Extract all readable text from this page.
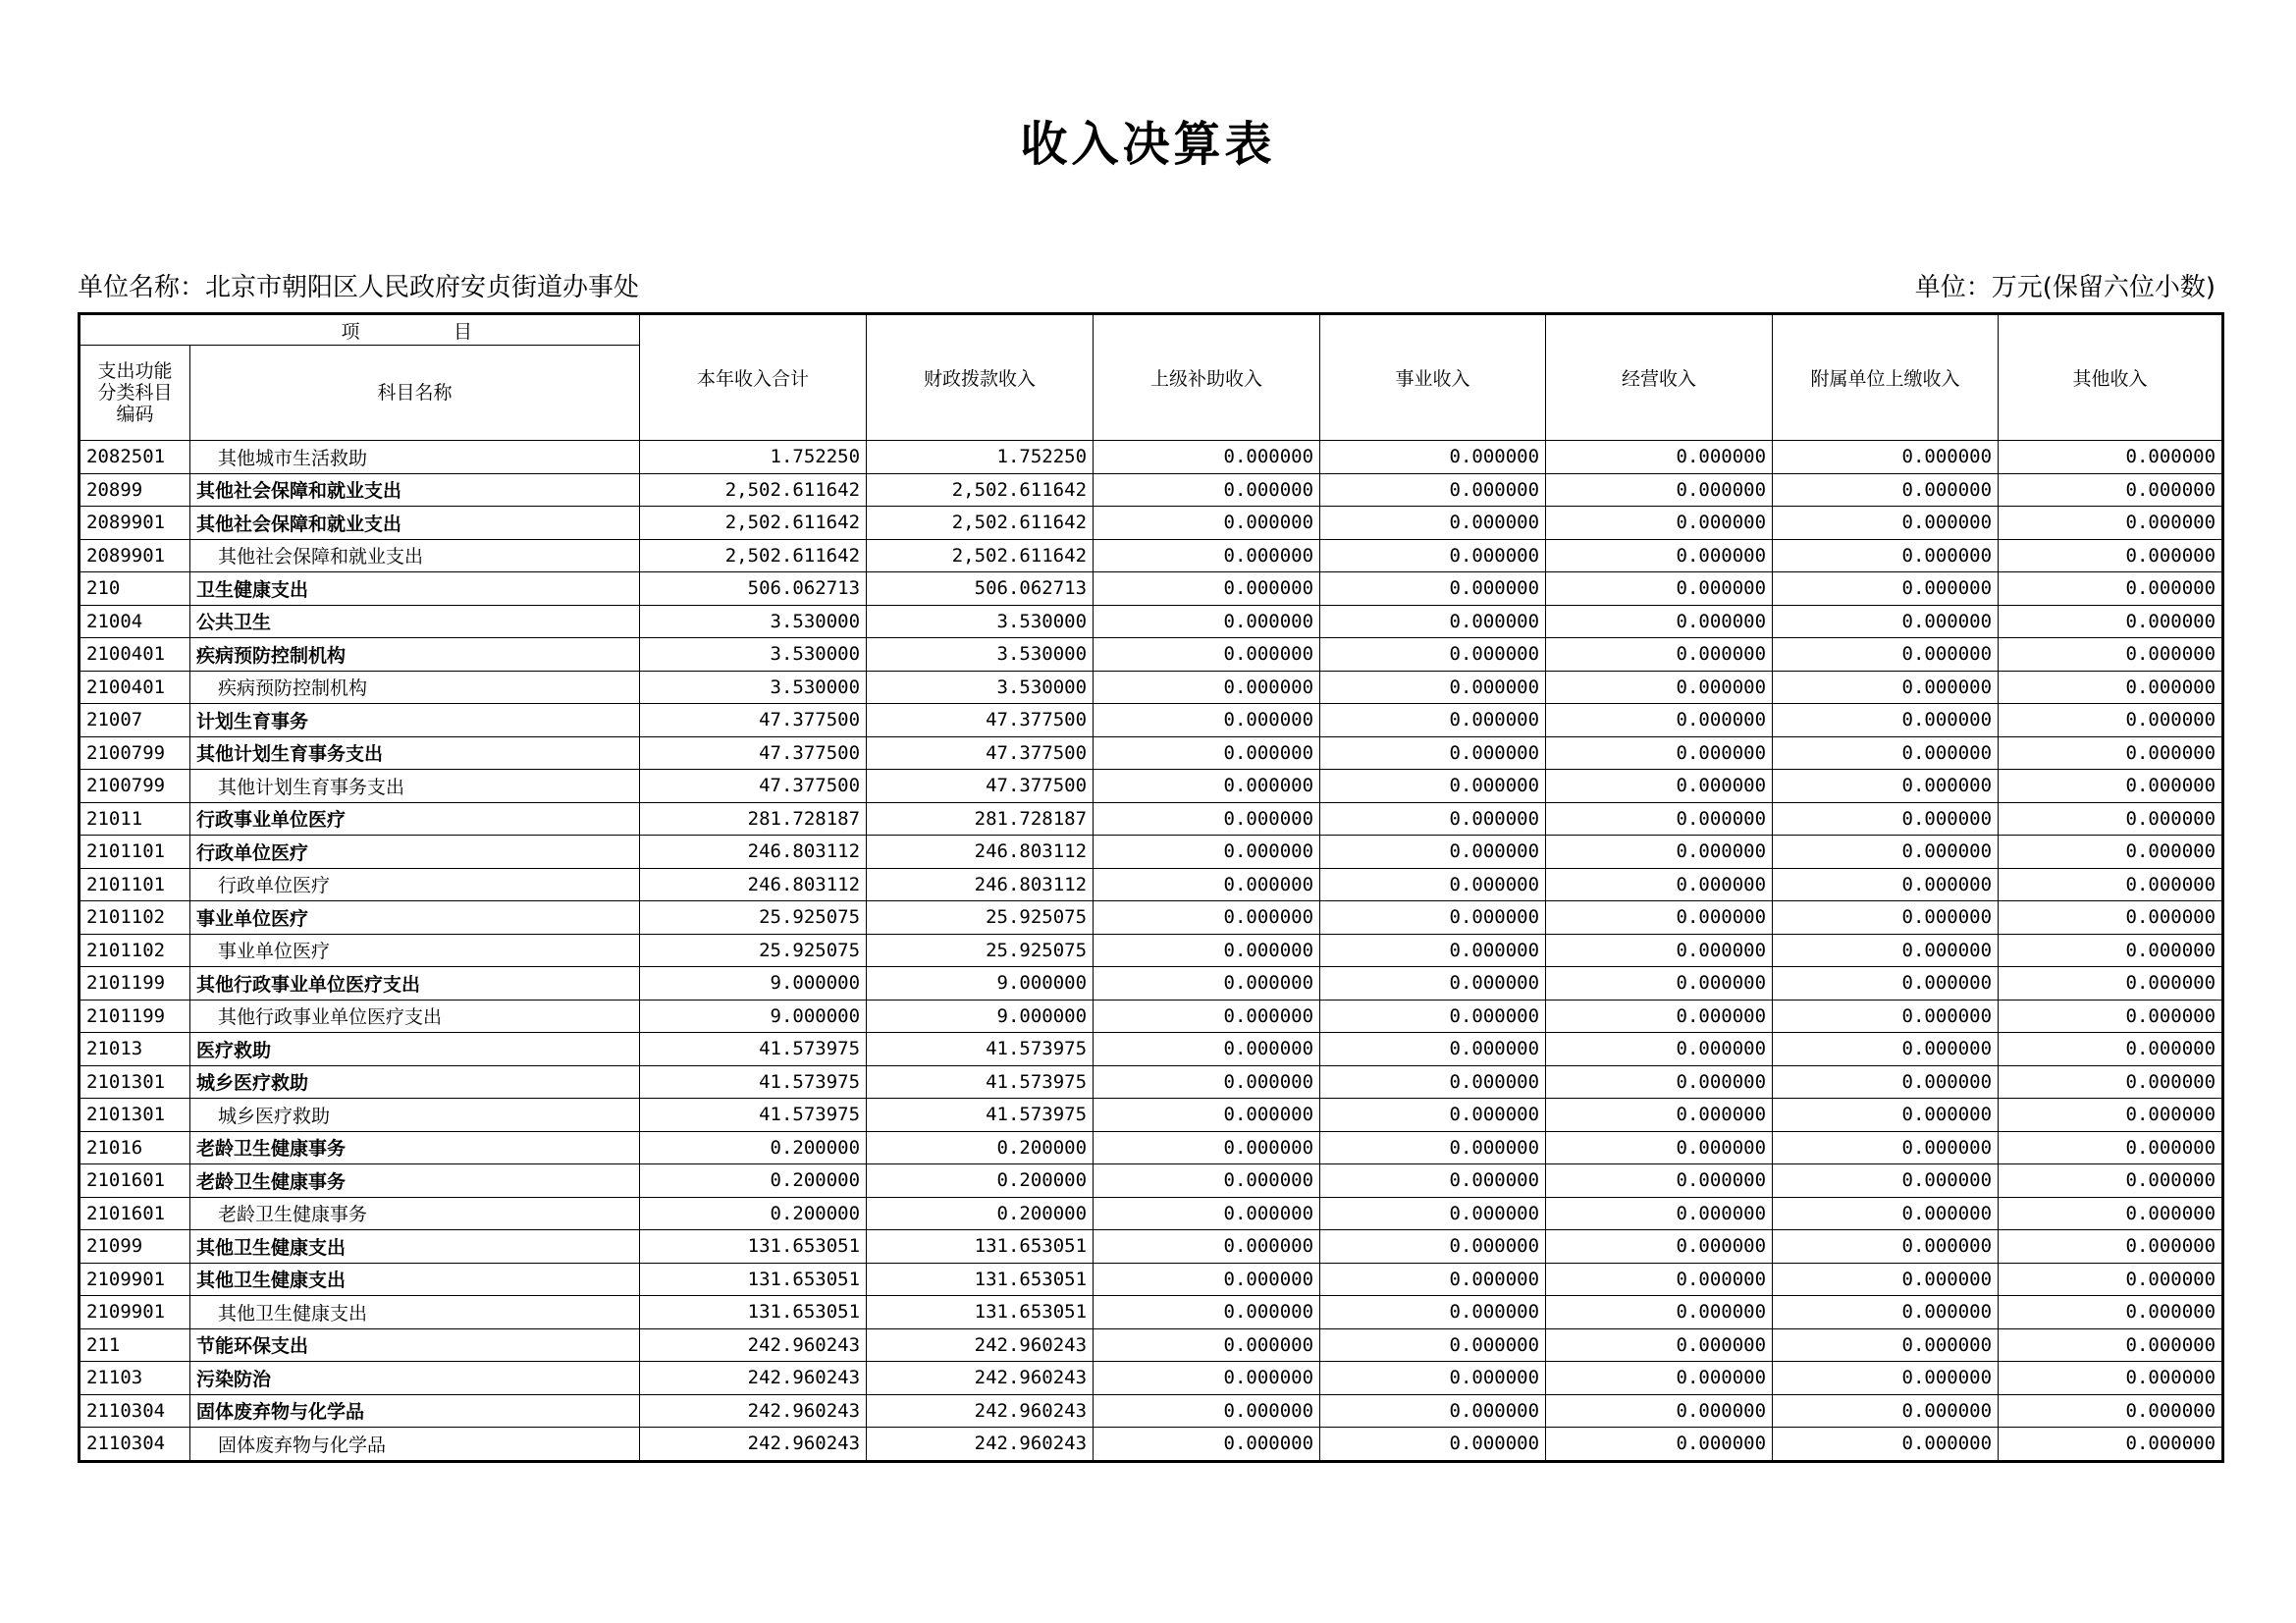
收入决算表
单位名称：北京市朝阳区人民政府安贞街道办事处	单位：万元(保留六位小数)
项 目		本年收入合计	财政拨款收入	上级补助收入	事业收入	经营收入	附属单位上缴收入	其他收入

支出功能分类科目编码	科目名称							
2082501	其他城市生活救助	1.752250	1.752250	0.000000	0.000000	0.000000	0.000000	0.000000
20899	其他社会保障和就业支出	2,502.611642	2,502.611642	0.000000	0.000000	0.000000	0.000000	0.000000
2089901	其他社会保障和就业支出	2,502.611642	2,502.611642	0.000000	0.000000	0.000000	0.000000	0.000000
2089901	其他社会保障和就业支出	2,502.611642	2,502.611642	0.000000	0.000000	0.000000	0.000000	0.000000
210	卫生健康支出	506.062713	506.062713	0.000000	0.000000	0.000000	0.000000	0.000000
21004	公共卫生	3.530000	3.530000	0.000000	0.000000	0.000000	0.000000	0.000000
2100401	疾病预防控制机构	3.530000	3.530000	0.000000	0.000000	0.000000	0.000000	0.000000
2100401	疾病预防控制机构	3.530000	3.530000	0.000000	0.000000	0.000000	0.000000	0.000000
21007	计划生育事务	47.377500	47.377500	0.000000	0.000000	0.000000	0.000000	0.000000
2100799	其他计划生育事务支出	47.377500	47.377500	0.000000	0.000000	0.000000	0.000000	0.000000
2100799	其他计划生育事务支出	47.377500	47.377500	0.000000	0.000000	0.000000	0.000000	0.000000
21011	行政事业单位医疗	281.728187	281.728187	0.000000	0.000000	0.000000	0.000000	0.000000
2101101	行政单位医疗	246.803112	246.803112	0.000000	0.000000	0.000000	0.000000	0.000000
2101101	行政单位医疗	246.803112	246.803112	0.000000	0.000000	0.000000	0.000000	0.000000
2101102	事业单位医疗	25.925075	25.925075	0.000000	0.000000	0.000000	0.000000	0.000000
2101102	事业单位医疗	25.925075	25.925075	0.000000	0.000000	0.000000	0.000000	0.000000
2101199	其他行政事业单位医疗支出	9.000000	9.000000	0.000000	0.000000	0.000000	0.000000	0.000000
2101199	其他行政事业单位医疗支出	9.000000	9.000000	0.000000	0.000000	0.000000	0.000000	0.000000
21013	医疗救助	41.573975	41.573975	0.000000	0.000000	0.000000	0.000000	0.000000
2101301	城乡医疗救助	41.573975	41.573975	0.000000	0.000000	0.000000	0.000000	0.000000
2101301	城乡医疗救助	41.573975	41.573975	0.000000	0.000000	0.000000	0.000000	0.000000
21016	老龄卫生健康事务	0.200000	0.200000	0.000000	0.000000	0.000000	0.000000	0.000000
2101601	老龄卫生健康事务	0.200000	0.200000	0.000000	0.000000	0.000000	0.000000	0.000000
2101601	老龄卫生健康事务	0.200000	0.200000	0.000000	0.000000	0.000000	0.000000	0.000000
21099	其他卫生健康支出	131.653051	131.653051	0.000000	0.000000	0.000000	0.000000	0.000000
2109901	其他卫生健康支出	131.653051	131.653051	0.000000	0.000000	0.000000	0.000000	0.000000
2109901	其他卫生健康支出	131.653051	131.653051	0.000000	0.000000	0.000000	0.000000	0.000000
211	节能环保支出	242.960243	242.960243	0.000000	0.000000	0.000000	0.000000	0.000000
21103	污染防治	242.960243	242.960243	0.000000	0.000000	0.000000	0.000000	0.000000
2110304	固体废弃物与化学品	242.960243	242.960243	0.000000	0.000000	0.000000	0.000000	0.000000
2110304	固体废弃物与化学品	242.960243	242.960243	0.000000	0.000000	0.000000	0.000000	0.000000
